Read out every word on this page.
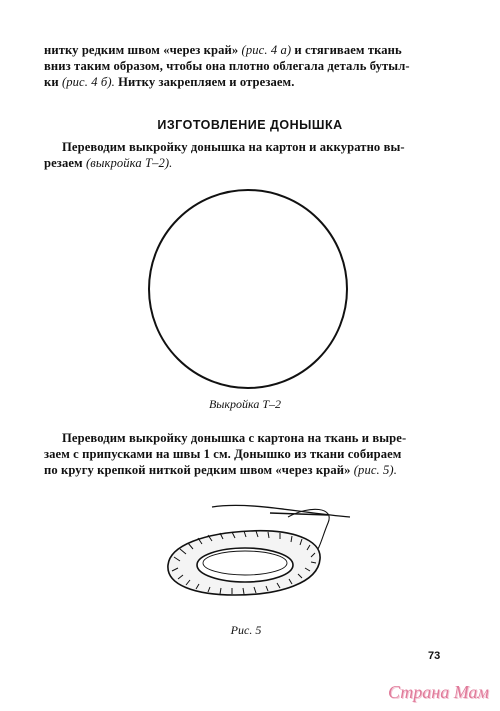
нитку редким швом «через край» (рис. 4 а) и стягиваем ткань
вниз таким образом, чтобы она плотно облегала деталь бутыл-
ки (рис. 4 б). Нитку закрепляем и отрезаем.

ИЗГОТОВЛЕНИЕ ДОНЫШКА

Переводим выкройку донышка на картон и аккуратно вы-
резаем (выкройка Т–2).

Выкройка Т–2

Переводим выкройку донышка с картона на ткань и выре-
заем с припусками на швы 1 см. Донышко из ткани собираем
по кругу крепкой ниткой редким швом «через край» (рис. 5).

Рис. 5
73
Страна Мам
